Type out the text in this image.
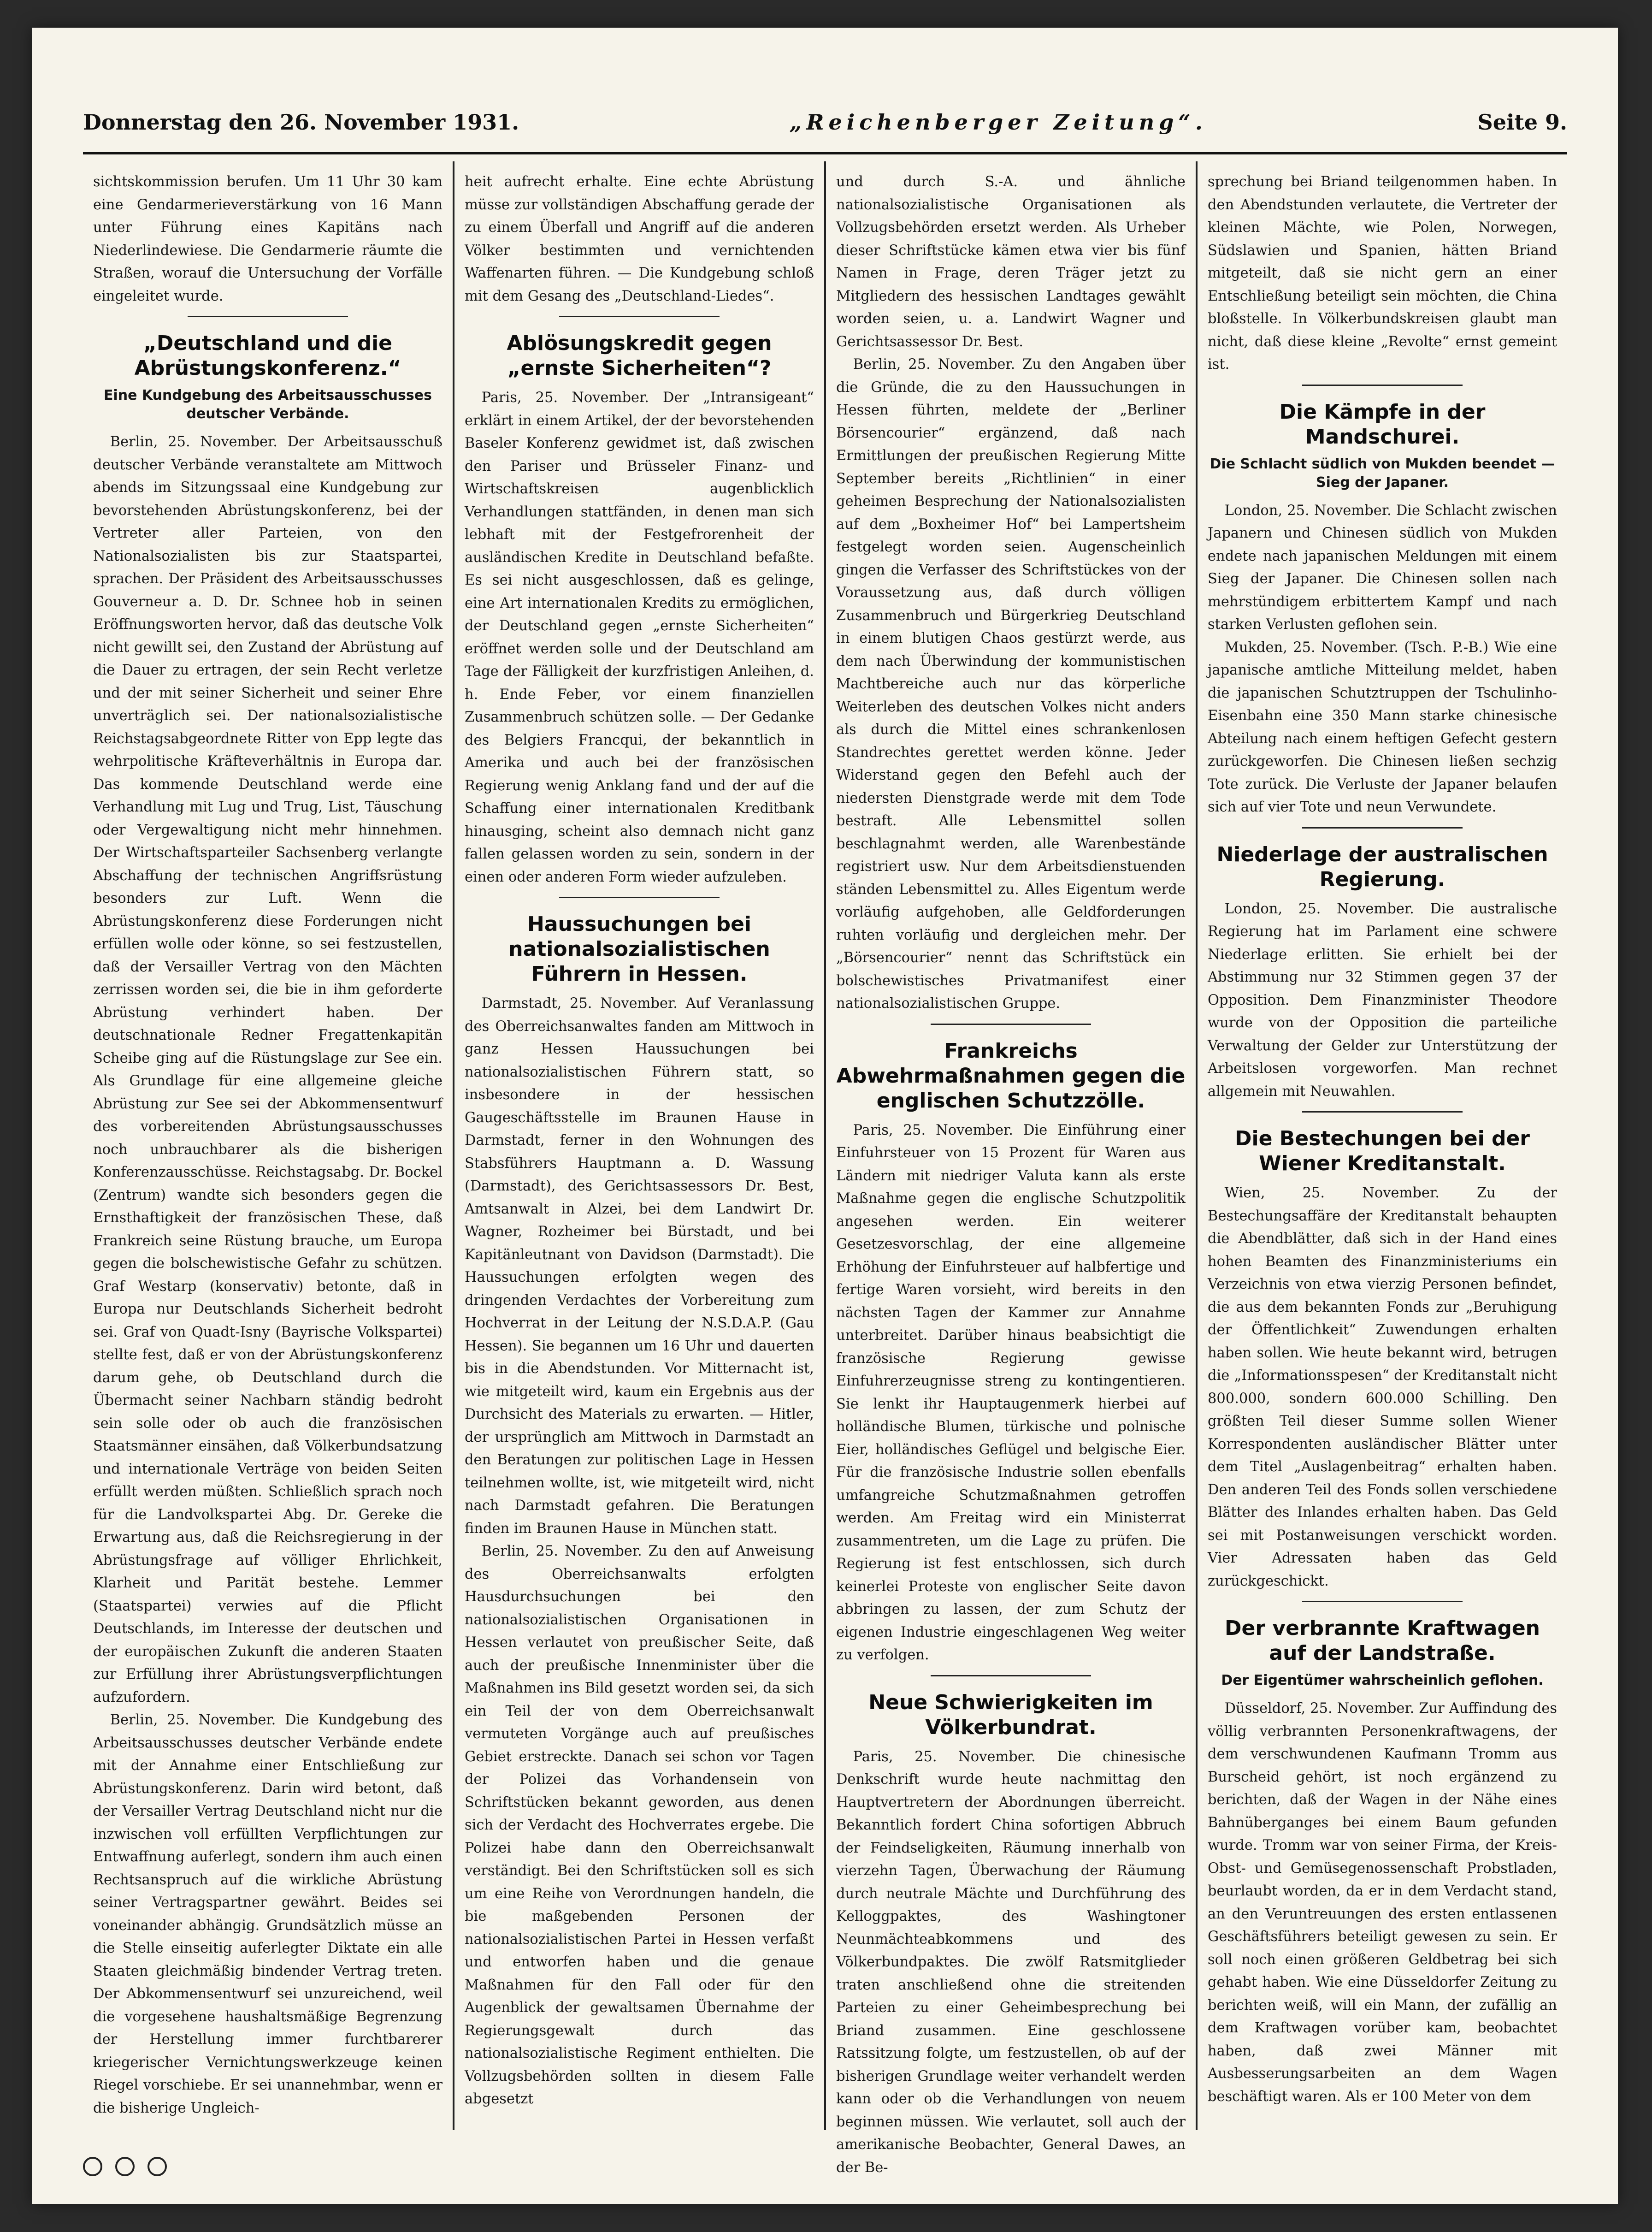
Donnerstag den 26. November 1931.	„Reichenberger Zeitung“.	Seite 9.

sichtskommission berufen. Um 11 Uhr 30 kam eine Gendarmerieverstärkung von 16 Mann unter Führung eines Kapitäns nach Niederlindewiese. Die Gendarmerie räumte die Straßen, worauf die Untersuchung der Vorfälle eingeleitet wurde.

„Deutschland und die Abrüstungskonferenz.“
Eine Kundgebung des Arbeitsausschusses deutscher Verbände.

Berlin, 25. November. Der Arbeitsausschuß deutscher Verbände veranstaltete am Mittwoch abends im Sitzungssaal eine Kundgebung zur bevorstehenden Abrüstungskonferenz, bei der Vertreter aller Parteien, von den Nationalsozialisten bis zur Staatspartei, sprachen. Der Präsident des Arbeitsausschusses Gouverneur a. D. Dr. Schnee hob in seinen Eröffnungsworten hervor, daß das deutsche Volk nicht gewillt sei, den Zustand der Abrüstung auf die Dauer zu ertragen, der sein Recht verletze und der mit seiner Sicherheit und seiner Ehre unverträglich sei. Der nationalsozialistische Reichstagsabgeordnete Ritter von Epp legte das wehrpolitische Kräfteverhältnis in Europa dar. Das kommende Deutschland werde eine Verhandlung mit Lug und Trug, List, Täuschung oder Vergewaltigung nicht mehr hinnehmen. Der Wirtschaftsparteiler Sachsenberg verlangte Abschaffung der technischen Angriffsrüstung besonders zur Luft. Wenn die Abrüstungskonferenz diese Forderungen nicht erfüllen wolle oder könne, so sei festzustellen, daß der Versailler Vertrag von den Mächten zerrissen worden sei, die bie in ihm geforderte Abrüstung verhindert haben. Der deutschnationale Redner Fregattenkapitän Scheibe ging auf die Rüstungslage zur See ein. Als Grundlage für eine allgemeine gleiche Abrüstung zur See sei der Abkommensentwurf des vorbereitenden Abrüstungsausschusses noch unbrauchbarer als die bisherigen Konferenzausschüsse. Reichstagsabg. Dr. Bockel (Zentrum) wandte sich besonders gegen die Ernsthaftigkeit der französischen These, daß Frankreich seine Rüstung brauche, um Europa gegen die bolschewistische Gefahr zu schützen. Graf Westarp (konservativ) betonte, daß in Europa nur Deutschlands Sicherheit bedroht sei. Graf von Quadt-Isny (Bayrische Volkspartei) stellte fest, daß er von der Abrüstungskonferenz darum gehe, ob Deutschland durch die Übermacht seiner Nachbarn ständig bedroht sein solle oder ob auch die französischen Staatsmänner einsähen, daß Völkerbundsatzung und internationale Verträge von beiden Seiten erfüllt werden müßten. Schließlich sprach noch für die Landvolkspartei Abg. Dr. Gereke die Erwartung aus, daß die Reichsregierung in der Abrüstungsfrage auf völliger Ehrlichkeit, Klarheit und Parität bestehe. Lemmer (Staatspartei) verwies auf die Pflicht Deutschlands, im Interesse der deutschen und der europäischen Zukunft die anderen Staaten zur Erfüllung ihrer Abrüstungsverpflichtungen aufzufordern.

Berlin, 25. November. Die Kundgebung des Arbeitsausschusses deutscher Verbände endete mit der Annahme einer Entschließung zur Abrüstungskonferenz. Darin wird betont, daß der Versailler Vertrag Deutschland nicht nur die inzwischen voll erfüllten Verpflichtungen zur Entwaffnung auferlegt, sondern ihm auch einen Rechtsanspruch auf die wirkliche Abrüstung seiner Vertragspartner gewährt. Beides sei voneinander abhängig. Grundsätzlich müsse an die Stelle einseitig auferlegter Diktate ein alle Staaten gleichmäßig bindender Vertrag treten. Der Abkommensentwurf sei unzureichend, weil die vorgesehene haushaltsmäßige Begrenzung der Herstellung immer furchtbarerer kriegerischer Vernichtungswerkzeuge keinen Riegel vorschiebe. Er sei unannehmbar, wenn er die bisherige Ungleich-

heit aufrecht erhalte. Eine echte Abrüstung müsse zur vollständigen Abschaffung gerade der zu einem Überfall und Angriff auf die anderen Völker bestimmten und vernichtenden Waffenarten führen. — Die Kundgebung schloß mit dem Gesang des „Deutschland-Liedes“.

Ablösungskredit gegen „ernste Sicherheiten“?

Paris, 25. November. Der „Intransigeant“ erklärt in einem Artikel, der der bevorstehenden Baseler Konferenz gewidmet ist, daß zwischen den Pariser und Brüsseler Finanz- und Wirtschaftskreisen augenblicklich Verhandlungen stattfänden, in denen man sich lebhaft mit der Festgefrorenheit der ausländischen Kredite in Deutschland befaßte. Es sei nicht ausgeschlossen, daß es gelinge, eine Art internationalen Kredits zu ermöglichen, der Deutschland gegen „ernste Sicherheiten“ eröffnet werden solle und der Deutschland am Tage der Fälligkeit der kurzfristigen Anleihen, d. h. Ende Feber, vor einem finanziellen Zusammenbruch schützen solle. — Der Gedanke des Belgiers Francqui, der bekanntlich in Amerika und auch bei der französischen Regierung wenig Anklang fand und der auf die Schaffung einer internationalen Kreditbank hinausging, scheint also demnach nicht ganz fallen gelassen worden zu sein, sondern in der einen oder anderen Form wieder aufzuleben.

Haussuchungen bei nationalsozialistischen Führern in Hessen.

Darmstadt, 25. November. Auf Veranlassung des Oberreichsanwaltes fanden am Mittwoch in ganz Hessen Haussuchungen bei nationalsozialistischen Führern statt, so insbesondere in der hessischen Gaugeschäftsstelle im Braunen Hause in Darmstadt, ferner in den Wohnungen des Stabsführers Hauptmann a. D. Wassung (Darmstadt), des Gerichtsassessors Dr. Best, Amtsanwalt in Alzei, bei dem Landwirt Dr. Wagner, Rozheimer bei Bürstadt, und bei Kapitänleutnant von Davidson (Darmstadt). Die Haussuchungen erfolgten wegen des dringenden Verdachtes der Vorbereitung zum Hochverrat in der Leitung der N.S.D.A.P. (Gau Hessen). Sie begannen um 16 Uhr und dauerten bis in die Abendstunden. Vor Mitternacht ist, wie mitgeteilt wird, kaum ein Ergebnis aus der Durchsicht des Materials zu erwarten. — Hitler, der ursprünglich am Mittwoch in Darmstadt an den Beratungen zur politischen Lage in Hessen teilnehmen wollte, ist, wie mitgeteilt wird, nicht nach Darmstadt gefahren. Die Beratungen finden im Braunen Hause in München statt.

Berlin, 25. November. Zu den auf Anweisung des Oberreichsanwalts erfolgten Hausdurchsuchungen bei den nationalsozialistischen Organisationen in Hessen verlautet von preußischer Seite, daß auch der preußische Innenminister über die Maßnahmen ins Bild gesetzt worden sei, da sich ein Teil der von dem Oberreichsanwalt vermuteten Vorgänge auch auf preußisches Gebiet erstreckte. Danach sei schon vor Tagen der Polizei das Vorhandensein von Schriftstücken bekannt geworden, aus denen sich der Verdacht des Hochverrates ergebe. Die Polizei habe dann den Oberreichsanwalt verständigt. Bei den Schriftstücken soll es sich um eine Reihe von Verordnungen handeln, die bie maßgebenden Personen der nationalsozialistischen Partei in Hessen verfaßt und entworfen haben und die genaue Maßnahmen für den Fall oder für den Augenblick der gewaltsamen Übernahme der Regierungsgewalt durch das nationalsozialistische Regiment enthielten. Die Vollzugsbehörden sollten in diesem Falle abgesetzt

und durch S.-A. und ähnliche nationalsozialistische Organisationen als Vollzugsbehörden ersetzt werden. Als Urheber dieser Schriftstücke kämen etwa vier bis fünf Namen in Frage, deren Träger jetzt zu Mitgliedern des hessischen Landtages gewählt worden seien, u. a. Landwirt Wagner und Gerichtsassessor Dr. Best.

Berlin, 25. November. Zu den Angaben über die Gründe, die zu den Haussuchungen in Hessen führten, meldete der „Berliner Börsencourier“ ergänzend, daß nach Ermittlungen der preußischen Regierung Mitte September bereits „Richtlinien“ in einer geheimen Besprechung der Nationalsozialisten auf dem „Boxheimer Hof“ bei Lampertsheim festgelegt worden seien. Augenscheinlich gingen die Verfasser des Schriftstückes von der Voraussetzung aus, daß durch völligen Zusammenbruch und Bürgerkrieg Deutschland in einem blutigen Chaos gestürzt werde, aus dem nach Überwindung der kommunistischen Machtbereiche auch nur das körperliche Weiterleben des deutschen Volkes nicht anders als durch die Mittel eines schrankenlosen Standrechtes gerettet werden könne. Jeder Widerstand gegen den Befehl auch der niedersten Dienstgrade werde mit dem Tode bestraft. Alle Lebensmittel sollen beschlagnahmt werden, alle Warenbestände registriert usw. Nur dem Arbeitsdienstuenden ständen Lebensmittel zu. Alles Eigentum werde vorläufig aufgehoben, alle Geldforderungen ruhten vorläufig und dergleichen mehr. Der „Börsencourier“ nennt das Schriftstück ein bolschewistisches Privatmanifest einer nationalsozialistischen Gruppe.

Frankreichs Abwehrmaßnahmen gegen die englischen Schutzzölle.

Paris, 25. November. Die Einführung einer Einfuhrsteuer von 15 Prozent für Waren aus Ländern mit niedriger Valuta kann als erste Maßnahme gegen die englische Schutzpolitik angesehen werden. Ein weiterer Gesetzesvorschlag, der eine allgemeine Erhöhung der Einfuhrsteuer auf halbfertige und fertige Waren vorsieht, wird bereits in den nächsten Tagen der Kammer zur Annahme unterbreitet. Darüber hinaus beabsichtigt die französische Regierung gewisse Einfuhrerzeugnisse streng zu kontingentieren. Sie lenkt ihr Hauptaugenmerk hierbei auf holländische Blumen, türkische und polnische Eier, holländisches Geflügel und belgische Eier. Für die französische Industrie sollen ebenfalls umfangreiche Schutzmaßnahmen getroffen werden. Am Freitag wird ein Ministerrat zusammentreten, um die Lage zu prüfen. Die Regierung ist fest entschlossen, sich durch keinerlei Proteste von englischer Seite davon abbringen zu lassen, der zum Schutz der eigenen Industrie eingeschlagenen Weg weiter zu verfolgen.

Neue Schwierigkeiten im Völkerbundrat.

Paris, 25. November. Die chinesische Denkschrift wurde heute nachmittag den Hauptvertretern der Abordnungen überreicht. Bekanntlich fordert China sofortigen Abbruch der Feindseligkeiten, Räumung innerhalb von vierzehn Tagen, Überwachung der Räumung durch neutrale Mächte und Durchführung des Kelloggpaktes, des Washingtoner Neunmächteabkommens und des Völkerbundpaktes. Die zwölf Ratsmitglieder traten anschließend ohne die streitenden Parteien zu einer Geheimbesprechung bei Briand zusammen. Eine geschlossene Ratssitzung folgte, um festzustellen, ob auf der bisherigen Grundlage weiter verhandelt werden kann oder ob die Verhandlungen von neuem beginnen müssen. Wie verlautet, soll auch der amerikanische Beobachter, General Dawes, an der Be-

sprechung bei Briand teilgenommen haben. In den Abendstunden verlautete, die Vertreter der kleinen Mächte, wie Polen, Norwegen, Südslawien und Spanien, hätten Briand mitgeteilt, daß sie nicht gern an einer Entschließung beteiligt sein möchten, die China bloßstelle. In Völkerbundskreisen glaubt man nicht, daß diese kleine „Revolte“ ernst gemeint ist.

Die Kämpfe in der Mandschurei.
Die Schlacht südlich von Mukden beendet — Sieg der Japaner.

London, 25. November. Die Schlacht zwischen Japanern und Chinesen südlich von Mukden endete nach japanischen Meldungen mit einem Sieg der Japaner. Die Chinesen sollen nach mehrstündigem erbittertem Kampf und nach starken Verlusten geflohen sein.

Mukden, 25. November. (Tsch. P.-B.) Wie eine japanische amtliche Mitteilung meldet, haben die japanischen Schutztruppen der Tschulinho-Eisenbahn eine 350 Mann starke chinesische Abteilung nach einem heftigen Gefecht gestern zurückgeworfen. Die Chinesen ließen sechzig Tote zurück. Die Verluste der Japaner belaufen sich auf vier Tote und neun Verwundete.

Niederlage der australischen Regierung.

London, 25. November. Die australische Regierung hat im Parlament eine schwere Niederlage erlitten. Sie erhielt bei der Abstimmung nur 32 Stimmen gegen 37 der Opposition. Dem Finanzminister Theodore wurde von der Opposition die parteiliche Verwaltung der Gelder zur Unterstützung der Arbeitslosen vorgeworfen. Man rechnet allgemein mit Neuwahlen.

Die Bestechungen bei der Wiener Kreditanstalt.

Wien, 25. November. Zu der Bestechungsaffäre der Kreditanstalt behaupten die Abendblätter, daß sich in der Hand eines hohen Beamten des Finanzministeriums ein Verzeichnis von etwa vierzig Personen befindet, die aus dem bekannten Fonds zur „Beruhigung der Öffentlichkeit“ Zuwendungen erhalten haben sollen. Wie heute bekannt wird, betrugen die „Informationsspesen“ der Kreditanstalt nicht 800.000, sondern 600.000 Schilling. Den größten Teil dieser Summe sollen Wiener Korrespondenten ausländischer Blätter unter dem Titel „Auslagenbeitrag“ erhalten haben. Den anderen Teil des Fonds sollen verschiedene Blätter des Inlandes erhalten haben. Das Geld sei mit Postanweisungen verschickt worden. Vier Adressaten haben das Geld zurückgeschickt.

Der verbrannte Kraftwagen auf der Landstraße.
Der Eigentümer wahrscheinlich geflohen.

Düsseldorf, 25. November. Zur Auffindung des völlig verbrannten Personenkraftwagens, der dem verschwundenen Kaufmann Tromm aus Burscheid gehört, ist noch ergänzend zu berichten, daß der Wagen in der Nähe eines Bahnüberganges bei einem Baum gefunden wurde. Tromm war von seiner Firma, der Kreis-Obst- und Gemüsegenossenschaft Probstladen, beurlaubt worden, da er in dem Verdacht stand, an den Veruntreuungen des ersten entlassenen Geschäftsführers beteiligt gewesen zu sein. Er soll noch einen größeren Geldbetrag bei sich gehabt haben. Wie eine Düsseldorfer Zeitung zu berichten weiß, will ein Mann, der zufällig an dem Kraftwagen vorüber kam, beobachtet haben, daß zwei Männer mit Ausbesserungsarbeiten an dem Wagen beschäftigt waren. Als er 100 Meter von dem
